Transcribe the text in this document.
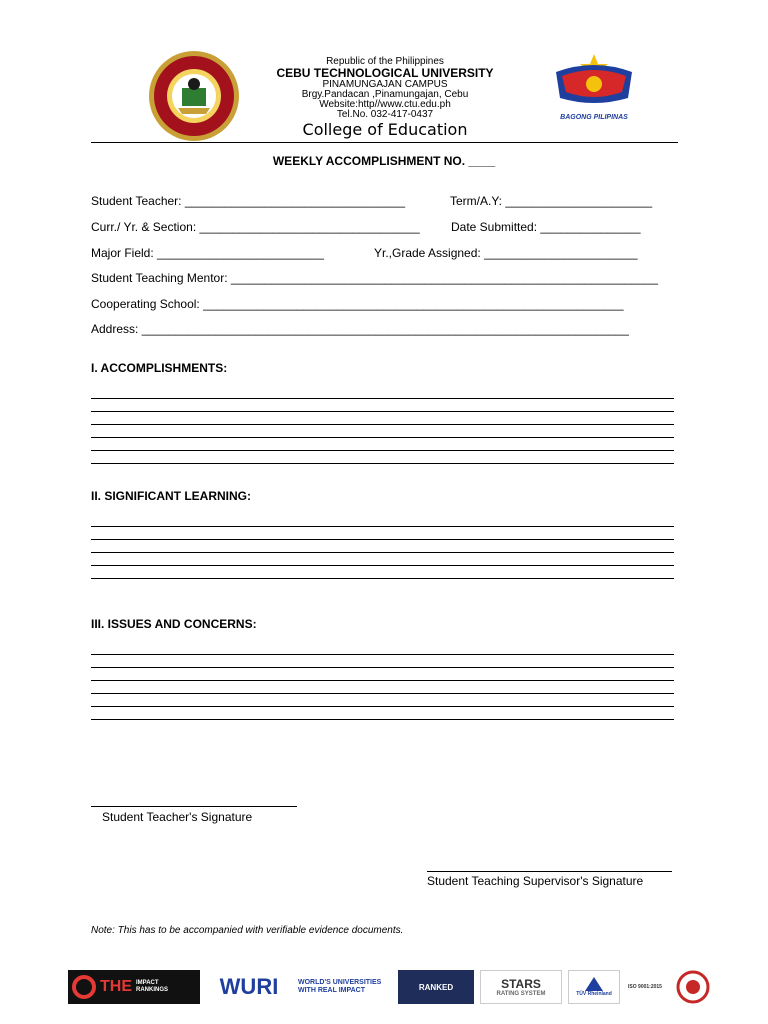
BAGONG PILIPINAS
Republic of the Philippines
CEBU TECHNOLOGICAL UNIVERSITY
PINAMUNGAJAN CAMPUS
Brgy.Pandacan ,Pinamungajan, Cebu
Website:http//www.ctu.edu.ph
Tel.No. 032-417-0437
College of Education
WEEKLY ACCOMPLISHMENT NO. ____
Student Teacher: _________________________________	Term/A.Y: ______________________
Curr./ Yr. & Section: _________________________________	Date Submitted: _______________
Major Field: _________________________	Yr.,Grade Assigned: _______________________
Student Teaching Mentor: ________________________________________________________________
Cooperating School: _______________________________________________________________
Address: _________________________________________________________________________
I. ACCOMPLISHMENTS:
II. SIGNIFICANT LEARNING:
III. ISSUES AND CONCERNS:
Student Teacher's Signature
Student Teaching Supervisor's Signature
Note: This has to be accompanied with verifiable evidence documents.
THE IMPACT RANKINGS	WURI	WORLD'S UNIVERSITIES WITH REAL IMPACT	RANKED	STARS
RATING SYSTEM	TÜV Rheinland
ISO 9001:2015
